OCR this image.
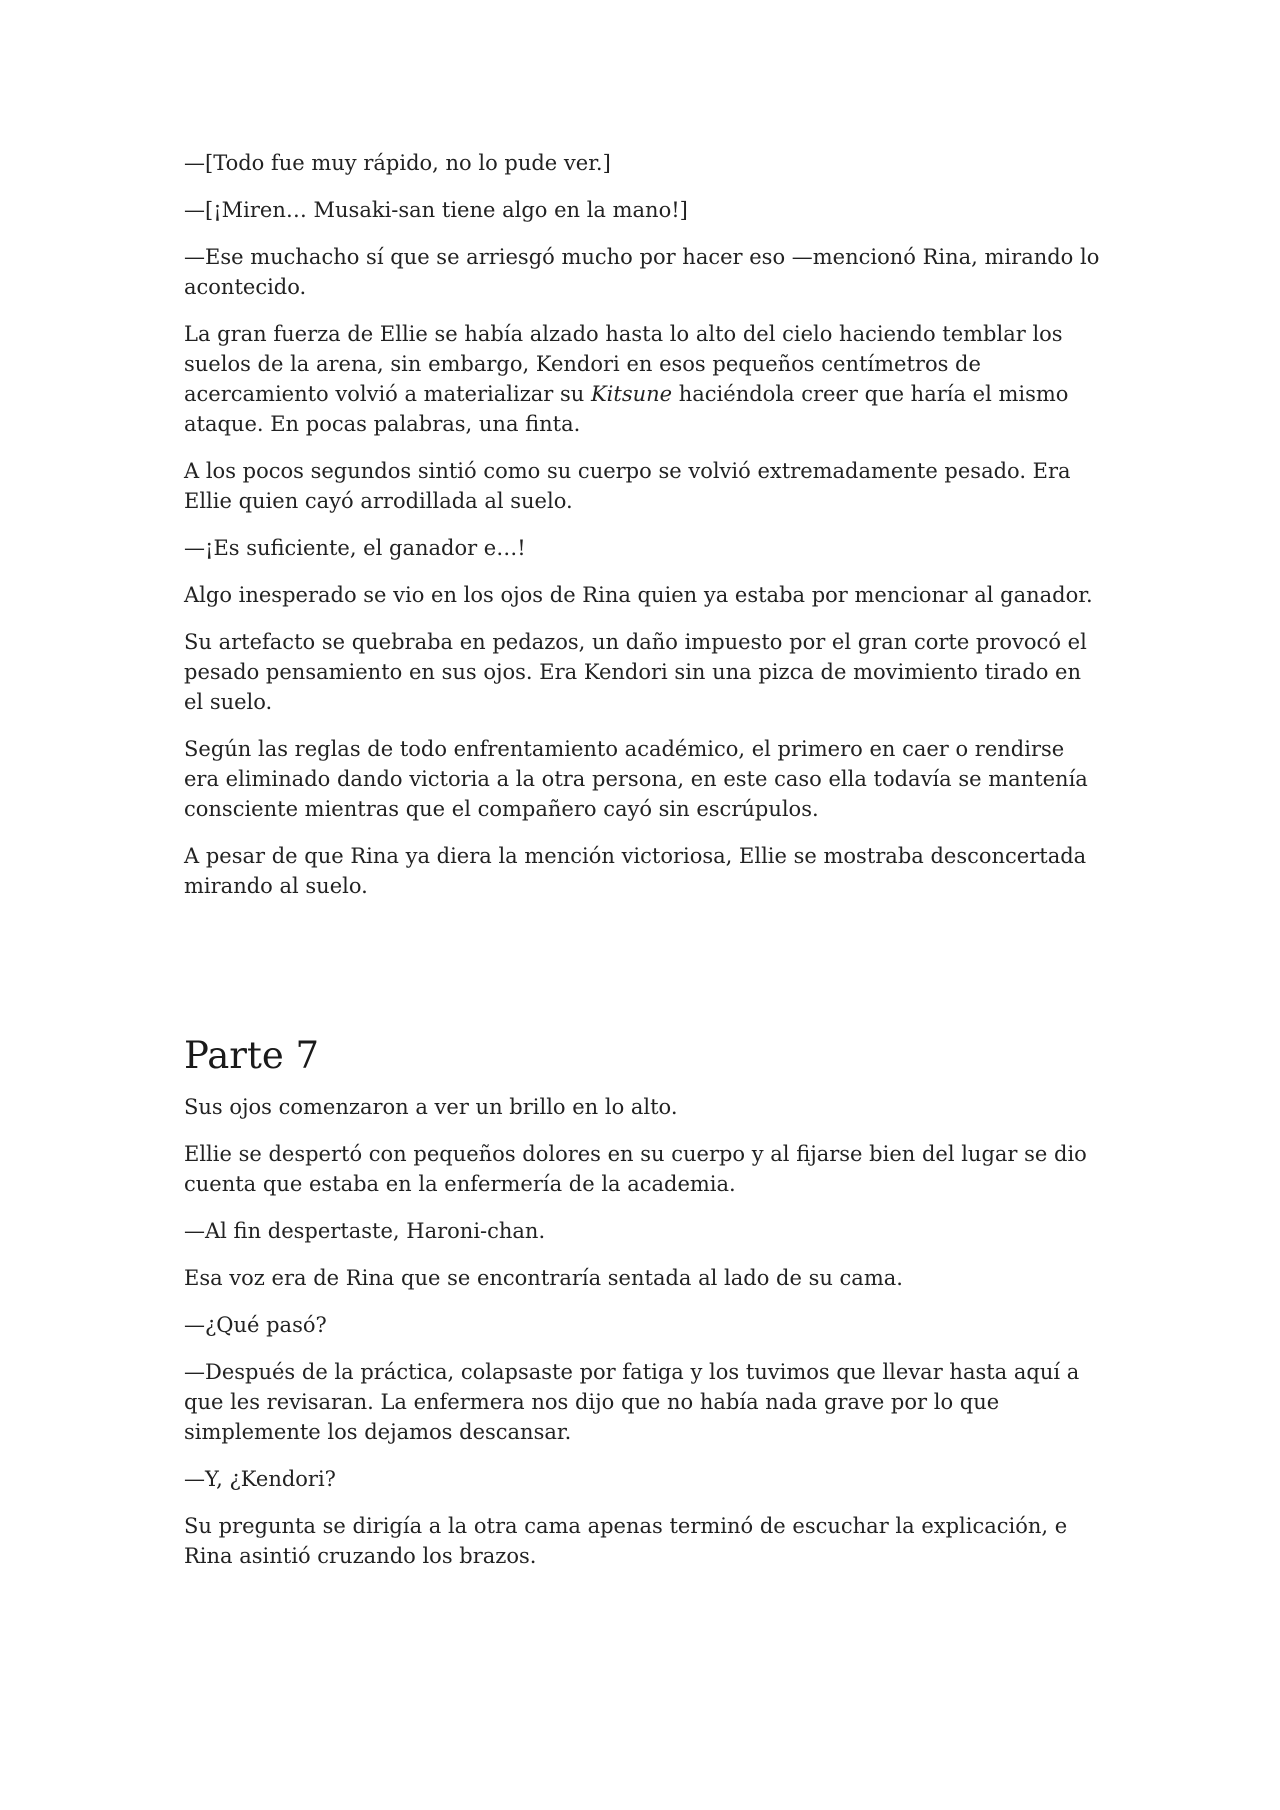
—[Todo fue muy rápido, no lo pude ver.]

—[¡Miren… Musaki-san tiene algo en la mano!]

—Ese muchacho sí que se arriesgó mucho por hacer eso —mencionó Rina, mirando lo acontecido.

La gran fuerza de Ellie se había alzado hasta lo alto del cielo haciendo temblar los suelos de la arena, sin embargo, Kendori en esos pequeños centímetros de acercamiento volvió a materializar su Kitsune haciéndola creer que haría el mismo ataque. En pocas palabras, una finta.

A los pocos segundos sintió como su cuerpo se volvió extremadamente pesado. Era Ellie quien cayó arrodillada al suelo.

—¡Es suficiente, el ganador e…!

Algo inesperado se vio en los ojos de Rina quien ya estaba por mencionar al ganador.

Su artefacto se quebraba en pedazos, un daño impuesto por el gran corte provocó el pesado pensamiento en sus ojos. Era Kendori sin una pizca de movimiento tirado en el suelo.

Según las reglas de todo enfrentamiento académico, el primero en caer o rendirse era eliminado dando victoria a la otra persona, en este caso ella todavía se mantenía consciente mientras que el compañero cayó sin escrúpulos.

A pesar de que Rina ya diera la mención victoriosa, Ellie se mostraba desconcertada mirando al suelo.

Parte 7

Sus ojos comenzaron a ver un brillo en lo alto.

Ellie se despertó con pequeños dolores en su cuerpo y al fijarse bien del lugar se dio cuenta que estaba en la enfermería de la academia.

—Al fin despertaste, Haroni-chan.

Esa voz era de Rina que se encontraría sentada al lado de su cama.

—¿Qué pasó?

—Después de la práctica, colapsaste por fatiga y los tuvimos que llevar hasta aquí a que les revisaran. La enfermera nos dijo que no había nada grave por lo que simplemente los dejamos descansar.

—Y, ¿Kendori?

Su pregunta se dirigía a la otra cama apenas terminó de escuchar la explicación, e Rina asintió cruzando los brazos.
